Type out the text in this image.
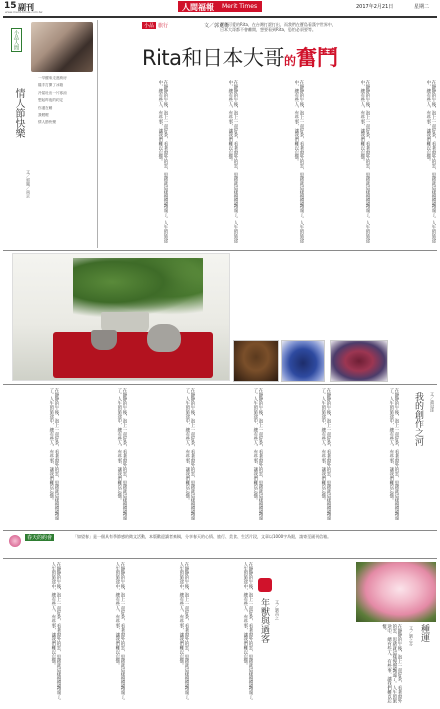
15 副刊
www.merit-times.com.tw	人間福報 Merit Times	2017年2月21日	星期二
小品人間
情人節快樂
文／郭鳳／南京
一早醒來走進廚房
隨手打開了冰箱
冷氣吐出一片寒涼
想起昨夜的約定
你還在睡
我輕輕
情人節快樂
小品 旅行	文／郭克勇
Rita和日本大哥的奮鬥
寶島可愛的Rita，在台灣打滾打出，而我們在寶島看漢字世界中，日本大哥都不會離開，想要看到Rita，恐怕必須要等。
在靜靜的午後，泡上一壺好茶，看著窗外的雲，思緒就這樣慢慢飄遠了。人生的旅途中，總有些人、有些事，讓我們難以忘懷。
在靜靜的午後，泡上一壺好茶，看著窗外的雲，思緒就這樣慢慢飄遠了。人生的旅途中，總有些人、有些事，讓我們難以忘懷。
在靜靜的午後，泡上一壺好茶，看著窗外的雲，思緒就這樣慢慢飄遠了。人生的旅途中，總有些人、有些事，讓我們難以忘懷。
在靜靜的午後，泡上一壺好茶，看著窗外的雲，思緒就這樣慢慢飄遠了。人生的旅途中，總有些人、有些事，讓我們難以忘懷。
在靜靜的午後，泡上一壺好茶，看著窗外的雲，思緒就這樣慢慢飄遠了。人生的旅途中，總有些人、有些事，讓我們難以忘懷。
在靜靜的午後，泡上一壺好茶，看著窗外的雲，思緒就這樣慢慢飄遠了。人生的旅途中，總有些人、有些事，讓我們難以忘懷。
在靜靜的午後，泡上一壺好茶，看著窗外的雲，思緒就這樣慢慢飄遠了。人生的旅途中，總有些人、有些事，讓我們難以忘懷。
在靜靜的午後，泡上一壺好茶，看著窗外的雲，思緒就這樣慢慢飄遠了。人生的旅途中，總有些人、有些事，讓我們難以忘懷。
在靜靜的午後，泡上一壺好茶，看著窗外的雲，思緒就這樣慢慢飄遠了。人生的旅途中，總有些人、有些事，讓我們難以忘懷。
在靜靜的午後，泡上一壺好茶，看著窗外的雲，思緒就這樣慢慢飄遠了。人生的旅途中，總有些人、有些事，讓我們難以忘懷。
在靜靜的午後，泡上一壺好茶，看著窗外的雲，思緒就這樣慢慢飄遠了。人生的旅途中，總有些人、有些事，讓我們難以忘懷。	我的創作之河	文／趙冠達
春天的約會	「如望春」是一個具有季節感的徵文活動，本版歡迎讀者來稿，分享春天的心情、旅行、美食、生活片段，文章以1000字為限，請寄至副刊信箱。
在靜靜的午後，泡上一壺好茶，看著窗外的雲，思緒就這樣慢慢飄遠了。人生的旅途中，總有些人、有些事，讓我們難以忘懷。
在靜靜的午後，泡上一壺好茶，看著窗外的雲，思緒就這樣慢慢飄遠了。人生的旅途中，總有些人、有些事，讓我們難以忘懷。
在靜靜的午後，泡上一壺好茶，看著窗外的雲，思緒就這樣慢慢飄遠了。人生的旅途中，總有些人、有些事，讓我們難以忘懷。
在靜靜的午後，泡上一壺好茶，看著窗外的雲，思緒就這樣慢慢飄遠了。人生的旅途中，總有些人、有些事，讓我們難以忘懷。	年獸與過客	文／劉昌之
種運
文／劉之芬
在靜靜的午後，泡上一壺好茶，看著窗外的雲，思緒就這樣慢慢飄遠了。人生的旅途中，總有些人、有些事，讓我們難以忘懷。
